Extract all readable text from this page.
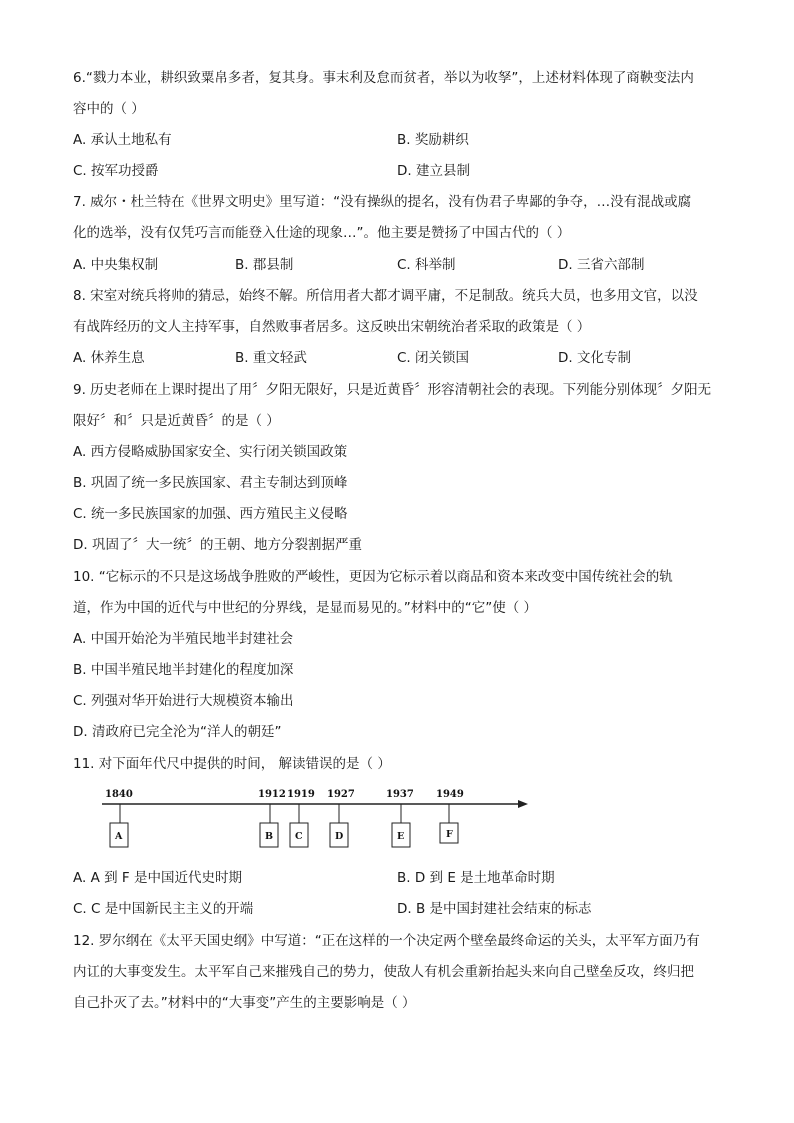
6.“戮力本业，耕织致粟帛多者，复其身。事末利及怠而贫者，举以为收孥”，上述材料体现了商鞅变法内
容中的（ ）
A. 承认土地私有	B. 奖励耕织
C. 按军功授爵	D. 建立县制
7. 威尔・杜兰特在《世界文明史》里写道：“没有操纵的提名，没有伪君子卑鄙的争夺，…没有混战或腐
化的选举，没有仅凭巧言而能登入仕途的现象…”。他主要是赞扬了中国古代的（ ）
A. 中央集权制	B. 郡县制	C. 科举制	D. 三省六部制
8. 宋室对统兵将帅的猜忌，始终不解。所信用者大都才调平庸，不足制敌。统兵大员，也多用文官，以没
有战阵经历的文人主持军事，自然败事者居多。这反映出宋朝统治者采取的政策是（ ）
A. 休养生息	B. 重文轻武	C. 闭关锁国	D. 文化专制
9. 历史老师在上课时提出了用〞夕阳无限好，只是近黄昏〞形容清朝社会的表现。下列能分别体现〞夕阳无
限好〞和〞只是近黄昏〞的是（ ）
A. 西方侵略威胁国家安全、实行闭关锁国政策
B. 巩固了统一多民族国家、君主专制达到顶峰
C. 统一多民族国家的加强、西方殖民主义侵略
D. 巩固了〞大一统〞的王朝、地方分裂割据严重
10. “它标示的不只是这场战争胜败的严峻性，更因为它标示着以商品和资本来改变中国传统社会的轨
道，作为中国的近代与中世纪的分界线，是显而易见的。”材料中的“它”使（ ）
A. 中国开始沦为半殖民地半封建社会
B. 中国半殖民地半封建化的程度加深
C. 列强对华开始进行大规模资本输出
D. 清政府已完全沦为“洋人的朝廷”
11. 对下面年代尺中提供的时间， 解读错误的是（ ）
1840	1912 1919 1927	1937 1949
A	B C	D	E	F
A. A 到 F 是中国近代史时期	B. D 到 E 是土地革命时期
C. C 是中国新民主主义的开端	D. B 是中国封建社会结束的标志
12. 罗尔纲在《太平天国史纲》中写道：“正在这样的一个决定两个壁垒最终命运的关头，太平军方面乃有
内讧的大事变发生。太平军自己来摧残自己的势力，使敌人有机会重新抬起头来向自己壁垒反攻，终归把
自己扑灭了去。”材料中的“大事变”产生的主要影响是（ ）
